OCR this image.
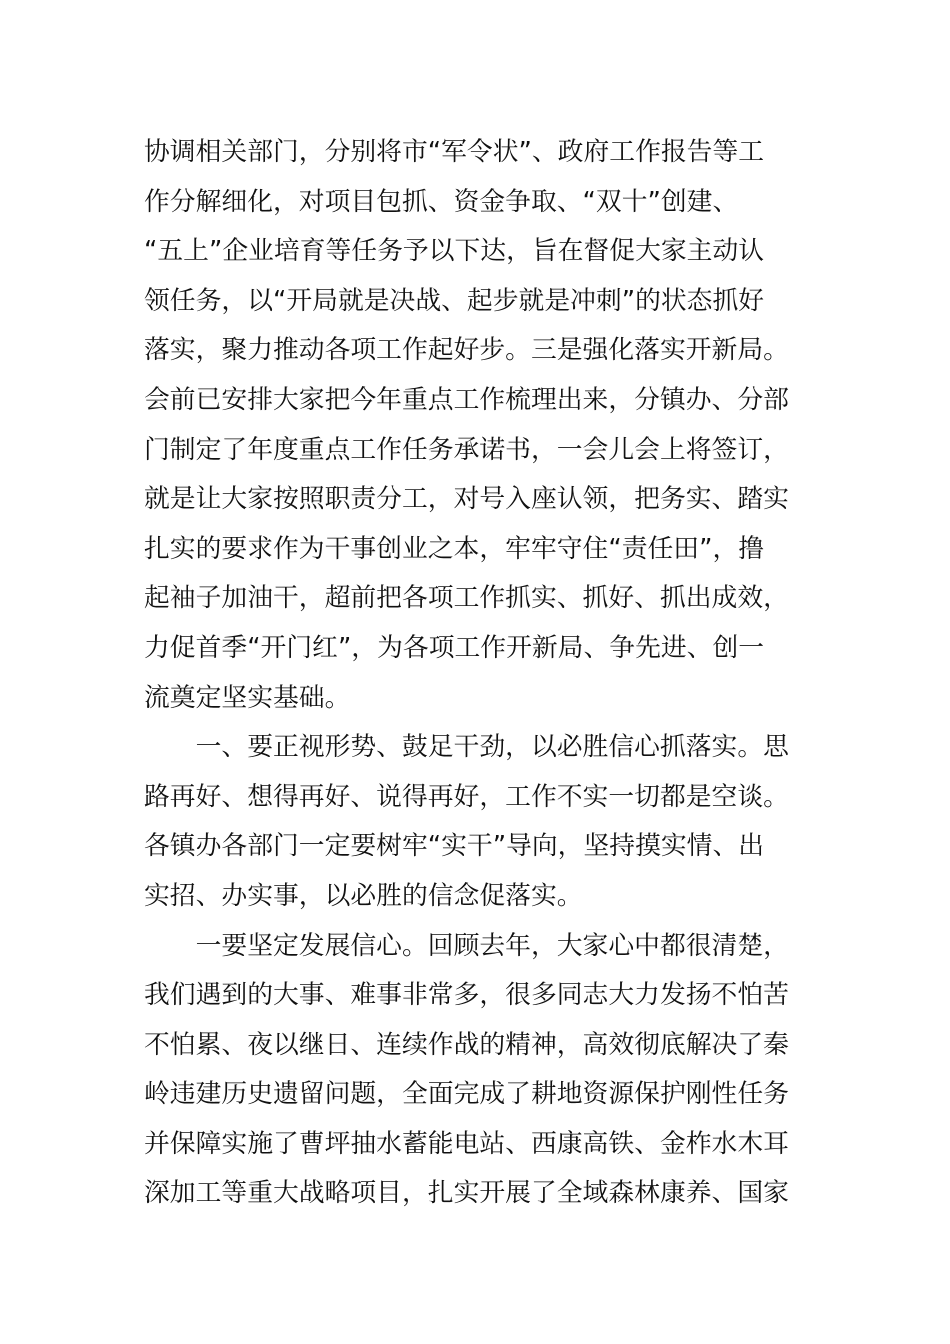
协调相关部门，分别将市“军令状”、政府工作报告等工
作分解细化，对项目包抓、资金争取、“双十”创建、
“五上”企业培育等任务予以下达，旨在督促大家主动认
领任务，以“开局就是决战、起步就是冲刺”的状态抓好
落实，聚力推动各项工作起好步。三是强化落实开新局。
会前已安排大家把今年重点工作梳理出来，分镇办、分部
门制定了年度重点工作任务承诺书，一会儿会上将签订，
就是让大家按照职责分工，对号入座认领，把务实、踏实
扎实的要求作为干事创业之本，牢牢守住“责任田”，撸
起袖子加油干，超前把各项工作抓实、抓好、抓出成效，
力促首季“开门红”，为各项工作开新局、争先进、创一
流奠定坚实基础。
一、要正视形势、鼓足干劲，以必胜信心抓落实。思
路再好、想得再好、说得再好，工作不实一切都是空谈。
各镇办各部门一定要树牢“实干”导向，坚持摸实情、出
实招、办实事，以必胜的信念促落实。
一要坚定发展信心。回顾去年，大家心中都很清楚，
我们遇到的大事、难事非常多，很多同志大力发扬不怕苦
不怕累、夜以继日、连续作战的精神，高效彻底解决了秦
岭违建历史遗留问题，全面完成了耕地资源保护刚性任务
并保障实施了曹坪抽水蓄能电站、西康高铁、金柞水木耳
深加工等重大战略项目，扎实开展了全域森林康养、国家
